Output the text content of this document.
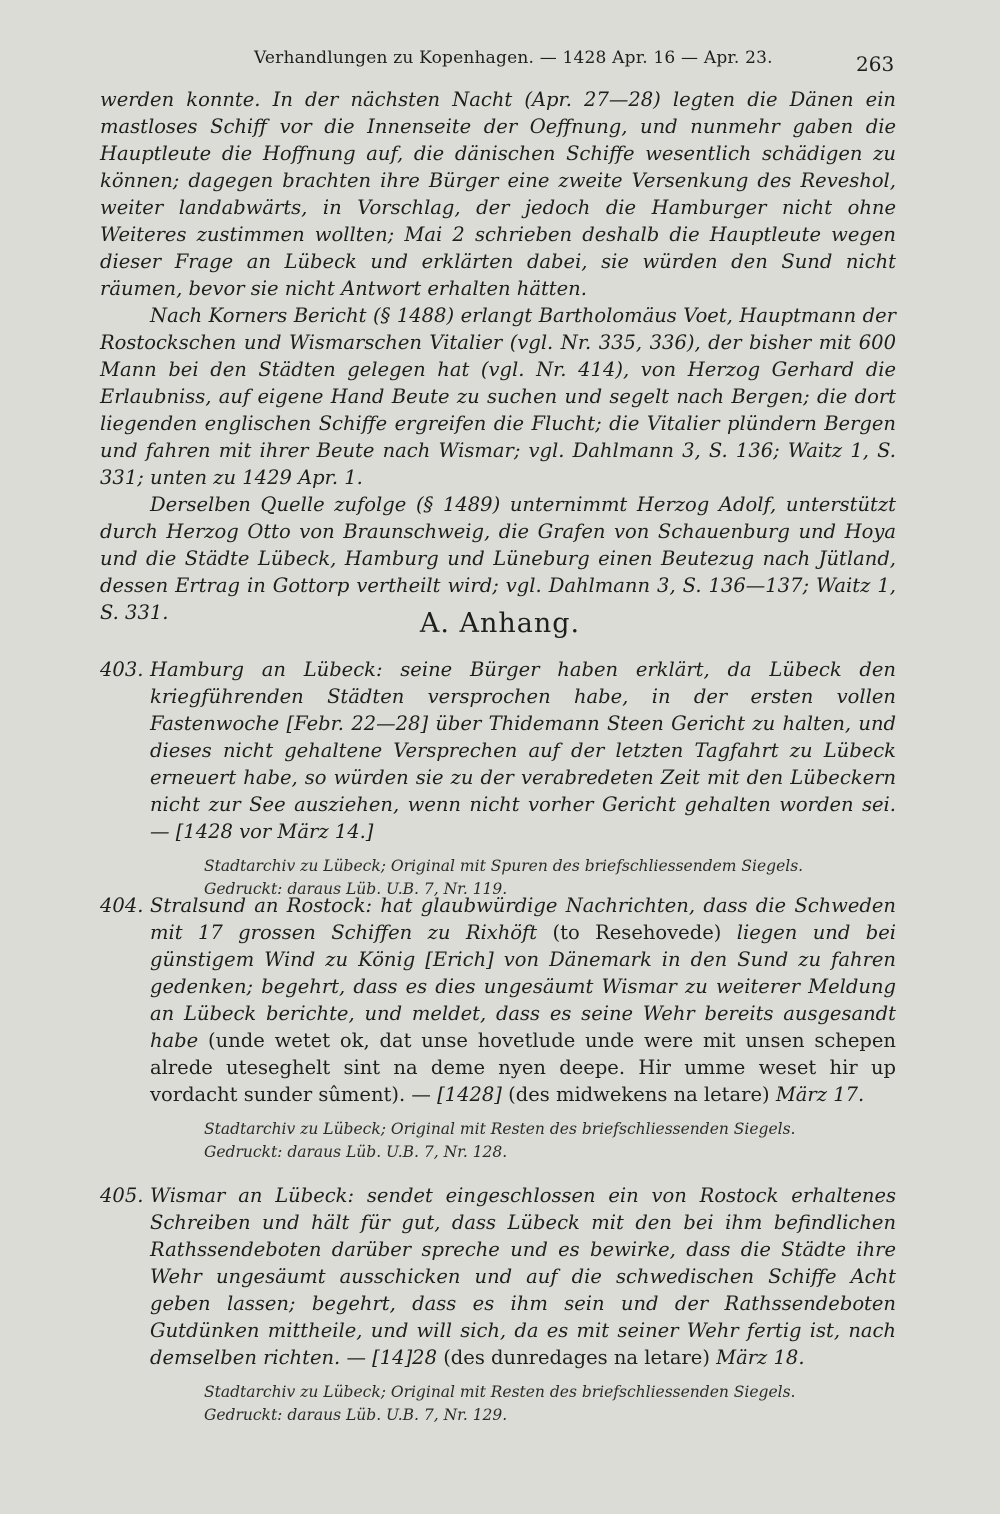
Verhandlungen zu Kopenhagen. — 1428 Apr. 16 — Apr. 23.	263

werden konnte. In der nächsten Nacht (Apr. 27—28) legten die Dänen ein mastloses Schiff vor die Innenseite der Oeffnung, und nunmehr gaben die Hauptleute die Hoffnung auf, die dänischen Schiffe wesentlich schädigen zu können; dagegen brachten ihre Bürger eine zweite Versenkung des Reveshol, weiter landabwärts, in Vorschlag, der jedoch die Hamburger nicht ohne Weiteres zustimmen wollten; Mai 2 schrieben deshalb die Hauptleute wegen dieser Frage an Lübeck und erklärten dabei, sie würden den Sund nicht räumen, bevor sie nicht Antwort erhalten hätten.

Nach Korners Bericht (§ 1488) erlangt Bartholomäus Voet, Hauptmann der Rostockschen und Wismarschen Vitalier (vgl. Nr. 335, 336), der bisher mit 600 Mann bei den Städten gelegen hat (vgl. Nr. 414), von Herzog Gerhard die Erlaubniss, auf eigene Hand Beute zu suchen und segelt nach Bergen; die dort liegenden englischen Schiffe ergreifen die Flucht; die Vitalier plündern Bergen und fahren mit ihrer Beute nach Wismar; vgl. Dahlmann 3, S. 136; Waitz 1, S. 331; unten zu 1429 Apr. 1.

Derselben Quelle zufolge (§ 1489) unternimmt Herzog Adolf, unterstützt durch Herzog Otto von Braunschweig, die Grafen von Schauenburg und Hoya und die Städte Lübeck, Hamburg und Lüneburg einen Beutezug nach Jütland, dessen Ertrag in Gottorp vertheilt wird; vgl. Dahlmann 3, S. 136—137; Waitz 1, S. 331.	A. Anhang.
403. Hamburg an Lübeck: seine Bürger haben erklärt, da Lübeck den kriegführenden Städten versprochen habe, in der ersten vollen Fastenwoche [Febr. 22—28] über Thidemann Steen Gericht zu halten, und dieses nicht gehaltene Versprechen auf der letzten Tagfahrt zu Lübeck erneuert habe, so würden sie zu der verabredeten Zeit mit den Lübeckern nicht zur See ausziehen, wenn nicht vorher Gericht gehalten worden sei. — [1428 vor März 14.]
Stadtarchiv zu Lübeck; Original mit Spuren des briefschliessendem Siegels.
Gedruckt: daraus Lüb. U.B. 7, Nr. 119.
404. Stralsund an Rostock: hat glaubwürdige Nachrichten, dass die Schweden mit 17 grossen Schiffen zu Rixhöft (to Resehovede) liegen und bei günstigem Wind zu König [Erich] von Dänemark in den Sund zu fahren gedenken; begehrt, dass es dies ungesäumt Wismar zu weiterer Meldung an Lübeck berichte, und meldet, dass es seine Wehr bereits ausgesandt habe (unde wetet ok, dat unse hovetlude unde were mit unsen schepen alrede uteseghelt sint na deme nyen deepe. Hir umme weset hir up vordacht sunder sûment). — [1428] (des midwekens na letare) März 17.
Stadtarchiv zu Lübeck; Original mit Resten des briefschliessenden Siegels.
Gedruckt: daraus Lüb. U.B. 7, Nr. 128.
405. Wismar an Lübeck: sendet eingeschlossen ein von Rostock erhaltenes Schreiben und hält für gut, dass Lübeck mit den bei ihm befindlichen Rathssendeboten darüber spreche und es bewirke, dass die Städte ihre Wehr ungesäumt ausschicken und auf die schwedischen Schiffe Acht geben lassen; begehrt, dass es ihm sein und der Rathssendeboten Gutdünken mittheile, und will sich, da es mit seiner Wehr fertig ist, nach demselben richten. — [14]28 (des dunredages na letare) März 18.
Stadtarchiv zu Lübeck; Original mit Resten des briefschliessenden Siegels.
Gedruckt: daraus Lüb. U.B. 7, Nr. 129.
